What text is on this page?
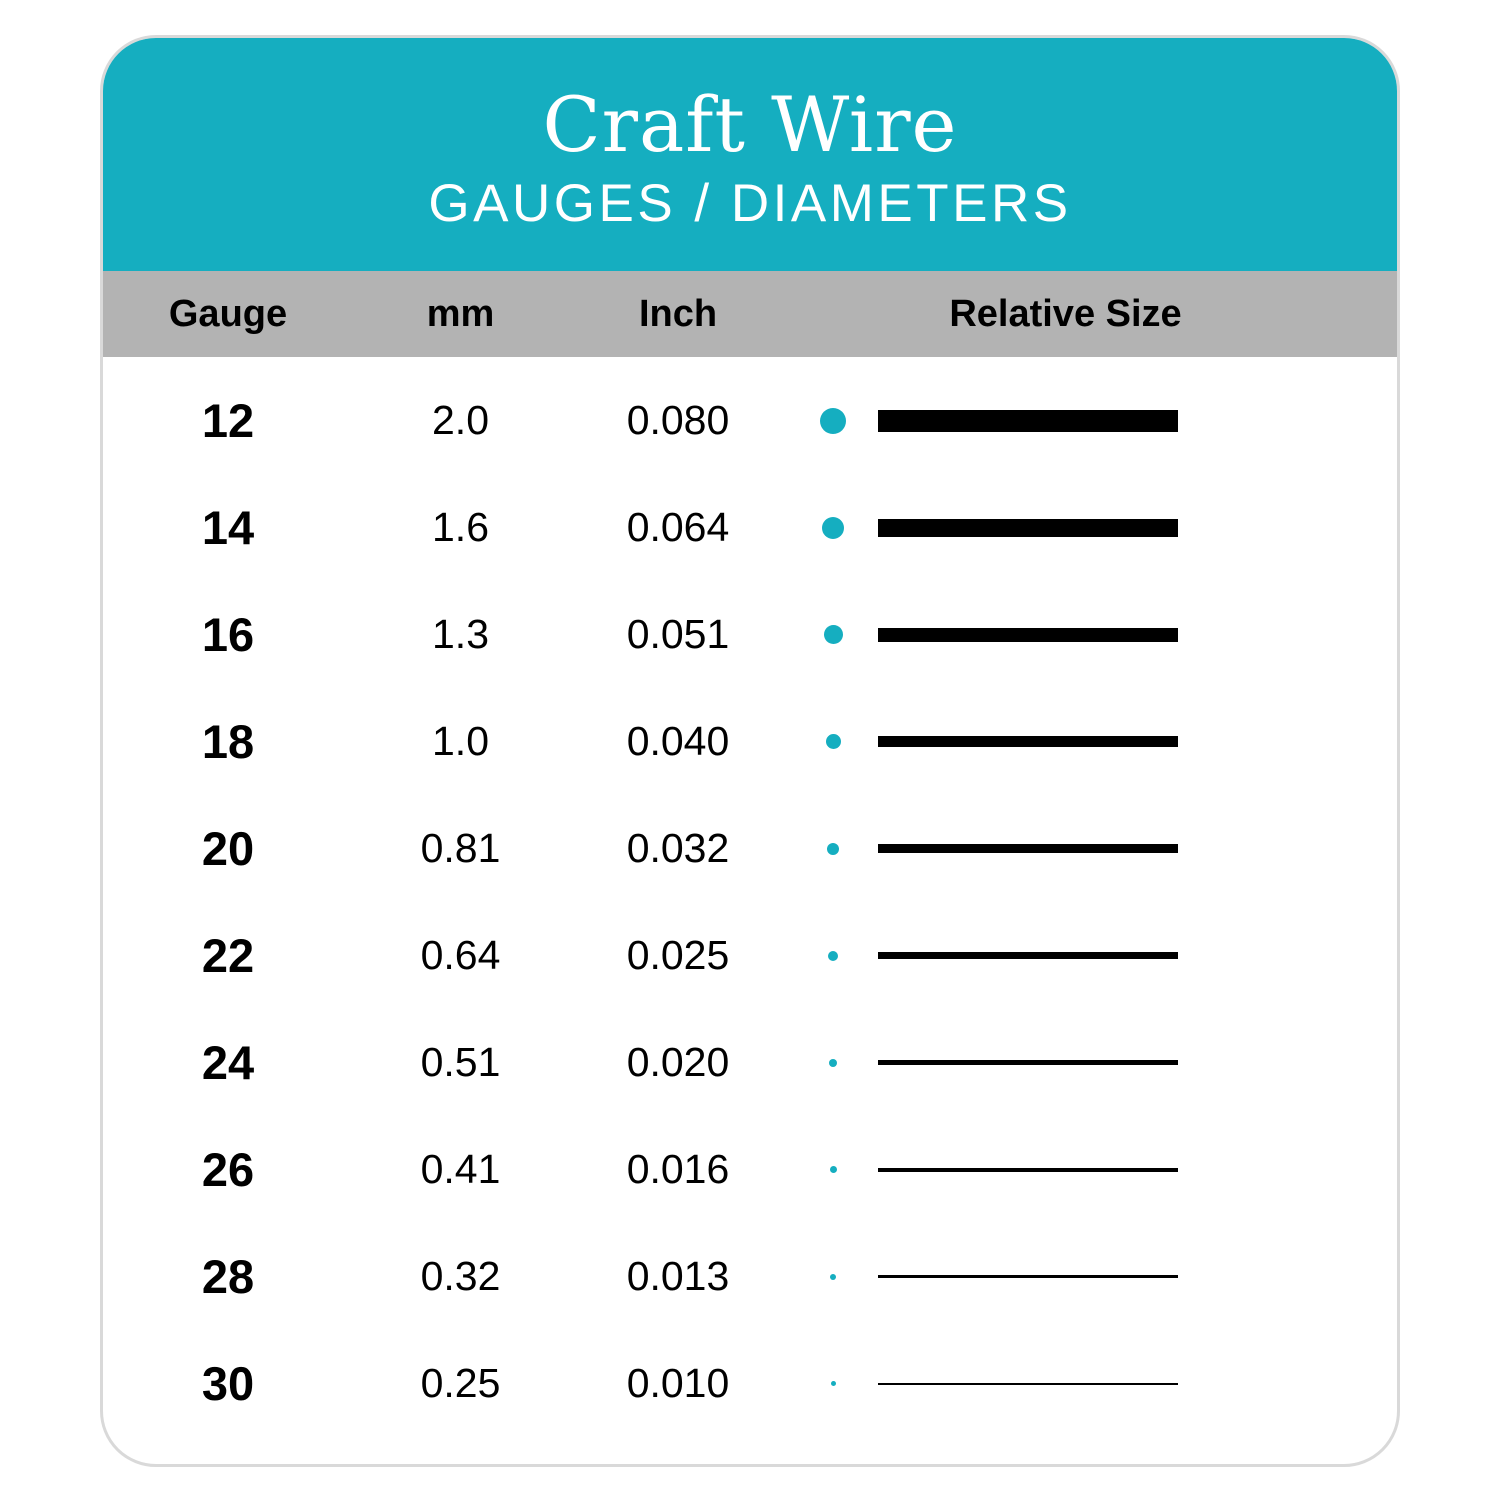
Craft Wire
GAUGES / DIAMETERS
Gauge	mm	Inch	Relative Size
12	2.0	0.080
14	1.6	0.064
16	1.3	0.051
18	1.0	0.040
20	0.81	0.032
22	0.64	0.025
24	0.51	0.020
26	0.41	0.016
28	0.32	0.013
30	0.25	0.010
